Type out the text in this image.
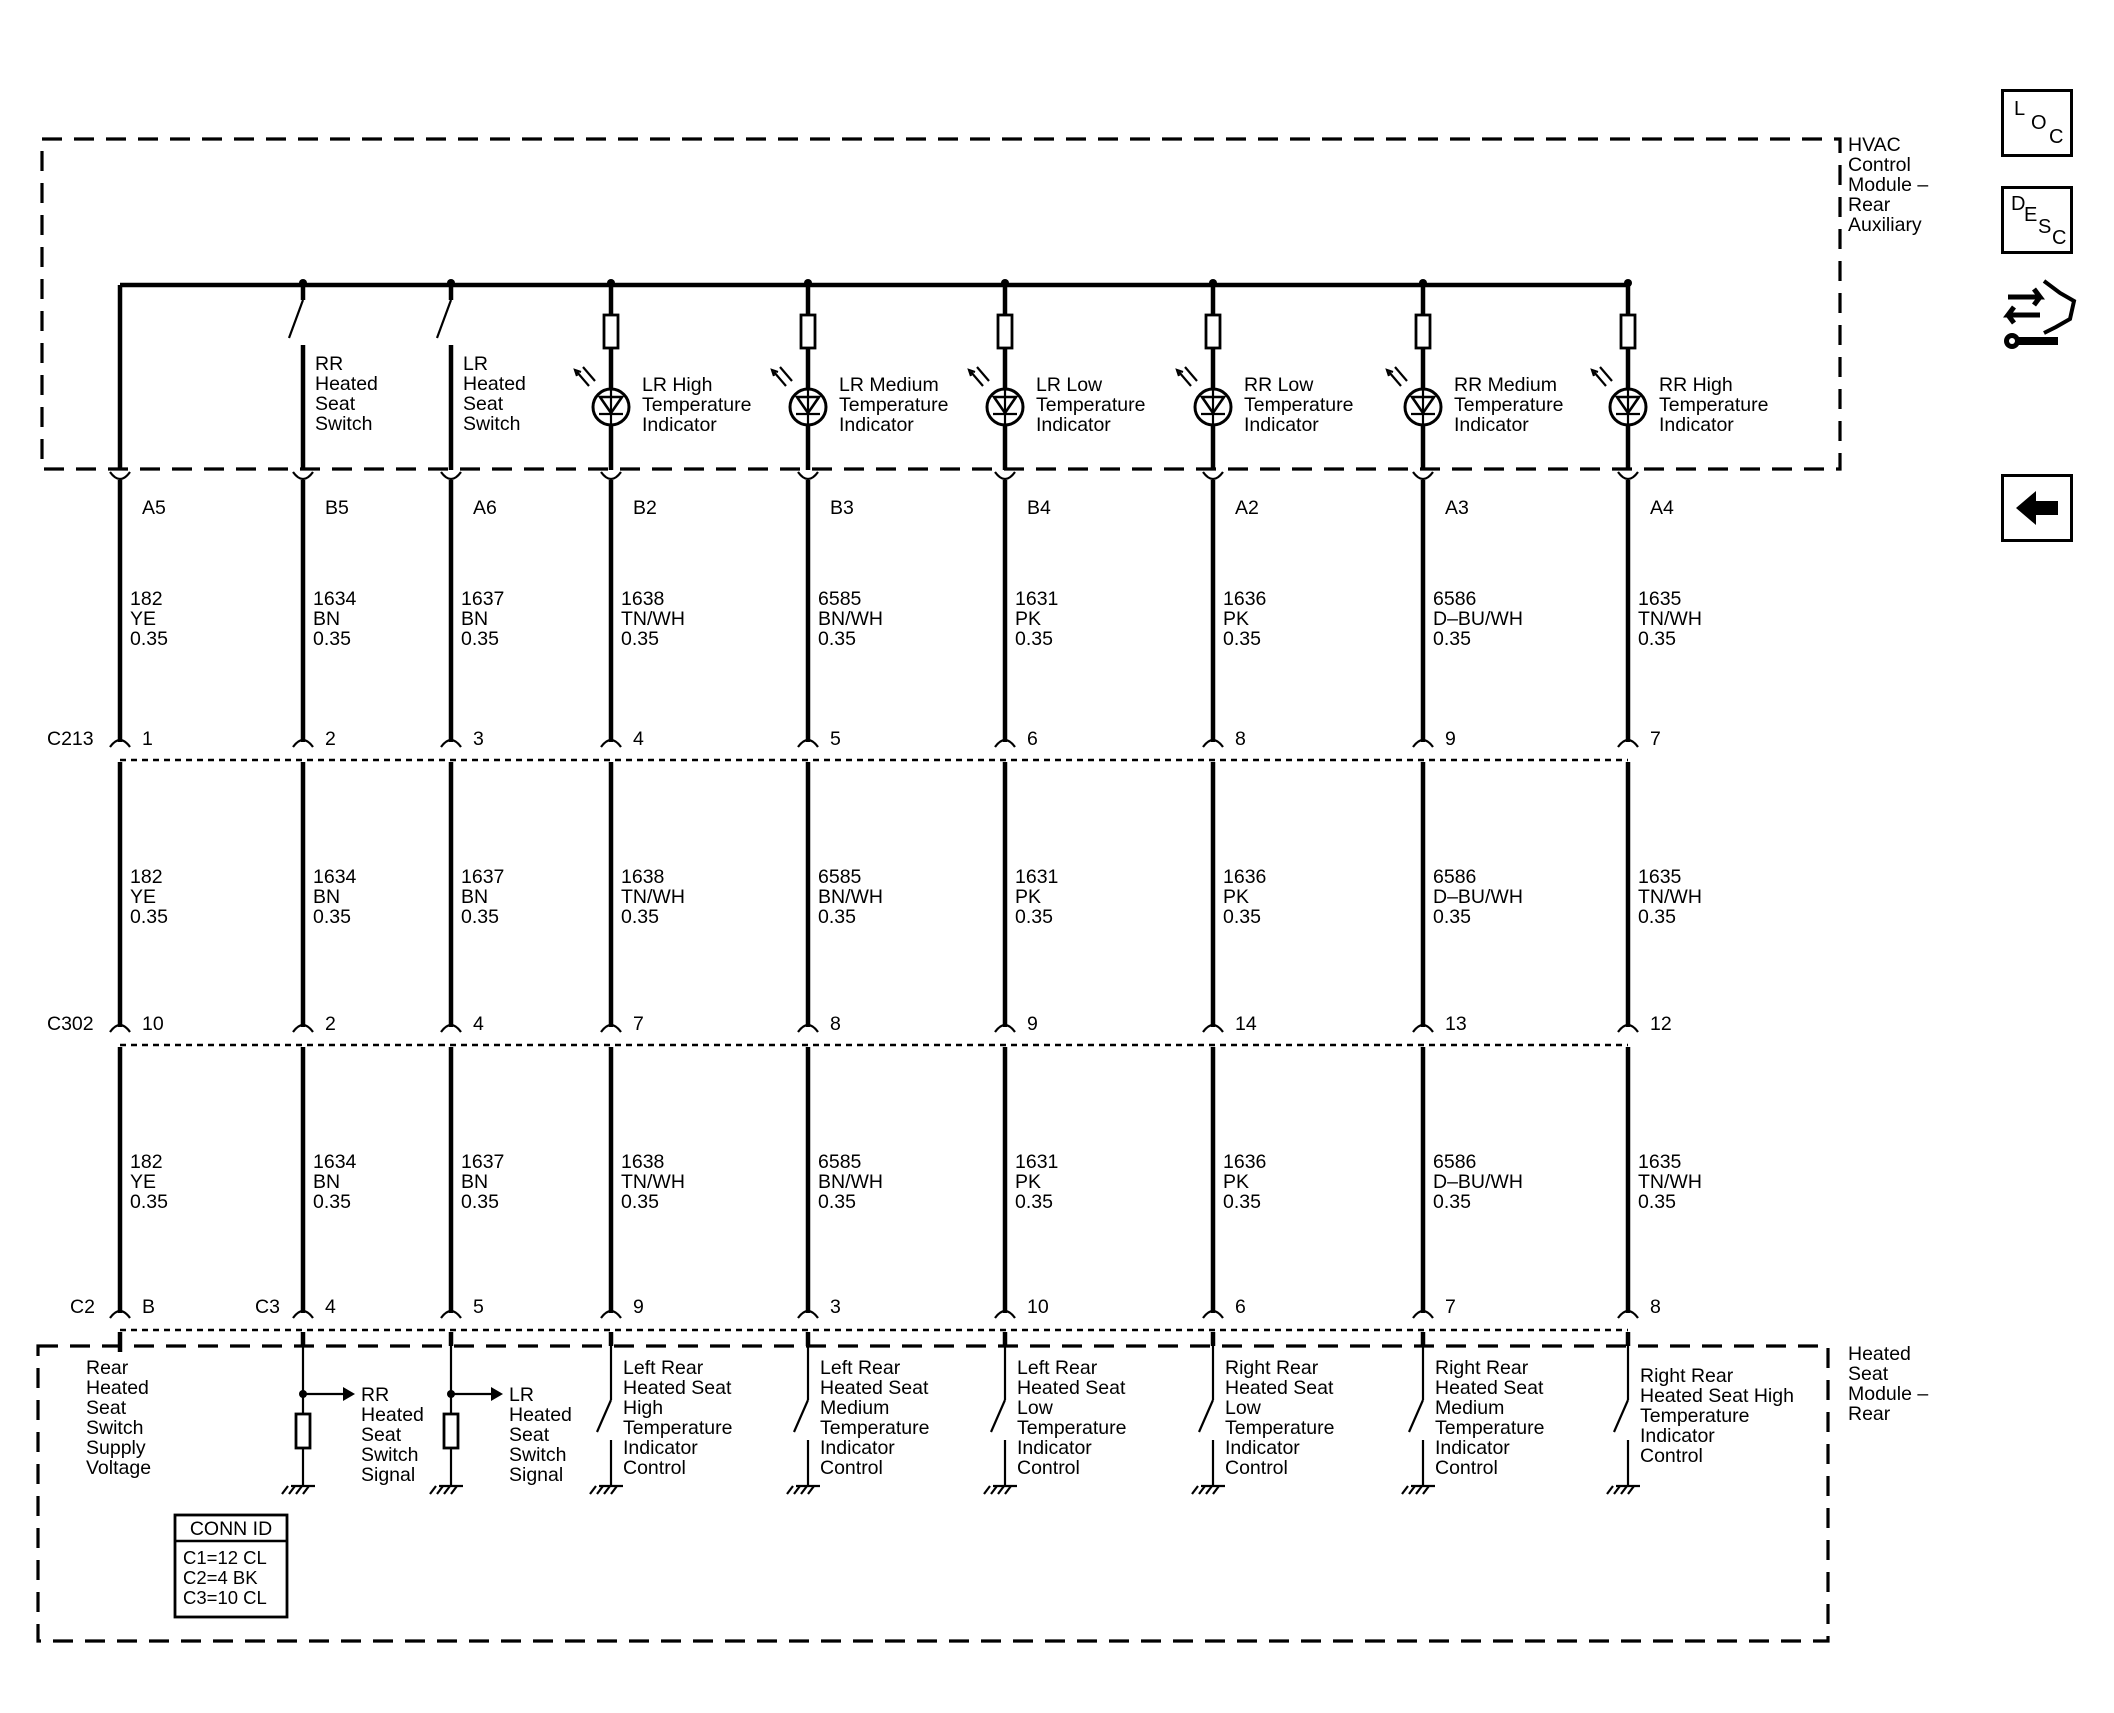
HVAC
Control
Module –
Rear
Auxiliary
Heated
Seat
Module –
Rear
C213
C302
C2	C3
A5
182
YE
0.35
1
182
YE
0.35
10
182
YE
0.35
B
Rear
Heated
Seat
Switch
Supply
Voltage
RR
Heated
Seat
Switch
B5
1634
BN
0.35
2
1634
BN
0.35
2
1634
BN
0.35
4
RR
Heated
Seat
Switch
Signal
LR
Heated
Seat
Switch
A6
1637
BN
0.35
3
1637
BN
0.35
4
1637
BN
0.35
5
LR
Heated
Seat
Switch
Signal
LR High
Temperature
Indicator
B2
1638
TN/WH
0.35
4
1638
TN/WH
0.35
7
1638
TN/WH
0.35
9
Left Rear
Heated Seat
High
Temperature
Indicator
Control
LR Medium
Temperature
Indicator
B3
6585
BN/WH
0.35
5
6585
BN/WH
0.35
8
6585
BN/WH
0.35
3
Left Rear
Heated Seat
Medium
Temperature
Indicator
Control
LR Low
Temperature
Indicator
B4
1631
PK
0.35
6
1631
PK
0.35
9
1631
PK
0.35
10
Left Rear
Heated Seat
Low
Temperature
Indicator
Control
RR Low
Temperature
Indicator
A2
1636
PK
0.35
8
1636
PK
0.35
14
1636
PK
0.35
6
Right Rear
Heated Seat
Low
Temperature
Indicator
Control
RR Medium
Temperature
Indicator
A3
6586
D–BU/WH
0.35
9
6586
D–BU/WH
0.35
13
6586
D–BU/WH
0.35
7
Right Rear
Heated Seat
Medium
Temperature
Indicator
Control
RR High
Temperature
Indicator
A4
1635
TN/WH
0.35
7
1635
TN/WH
0.35
12
1635
TN/WH
0.35
8
Right Rear
Heated Seat High
Temperature
Indicator
Control
CONN ID
C1=12 CL
C2=4 BK
C3=10 CL
L
O
C
D
E
S C
